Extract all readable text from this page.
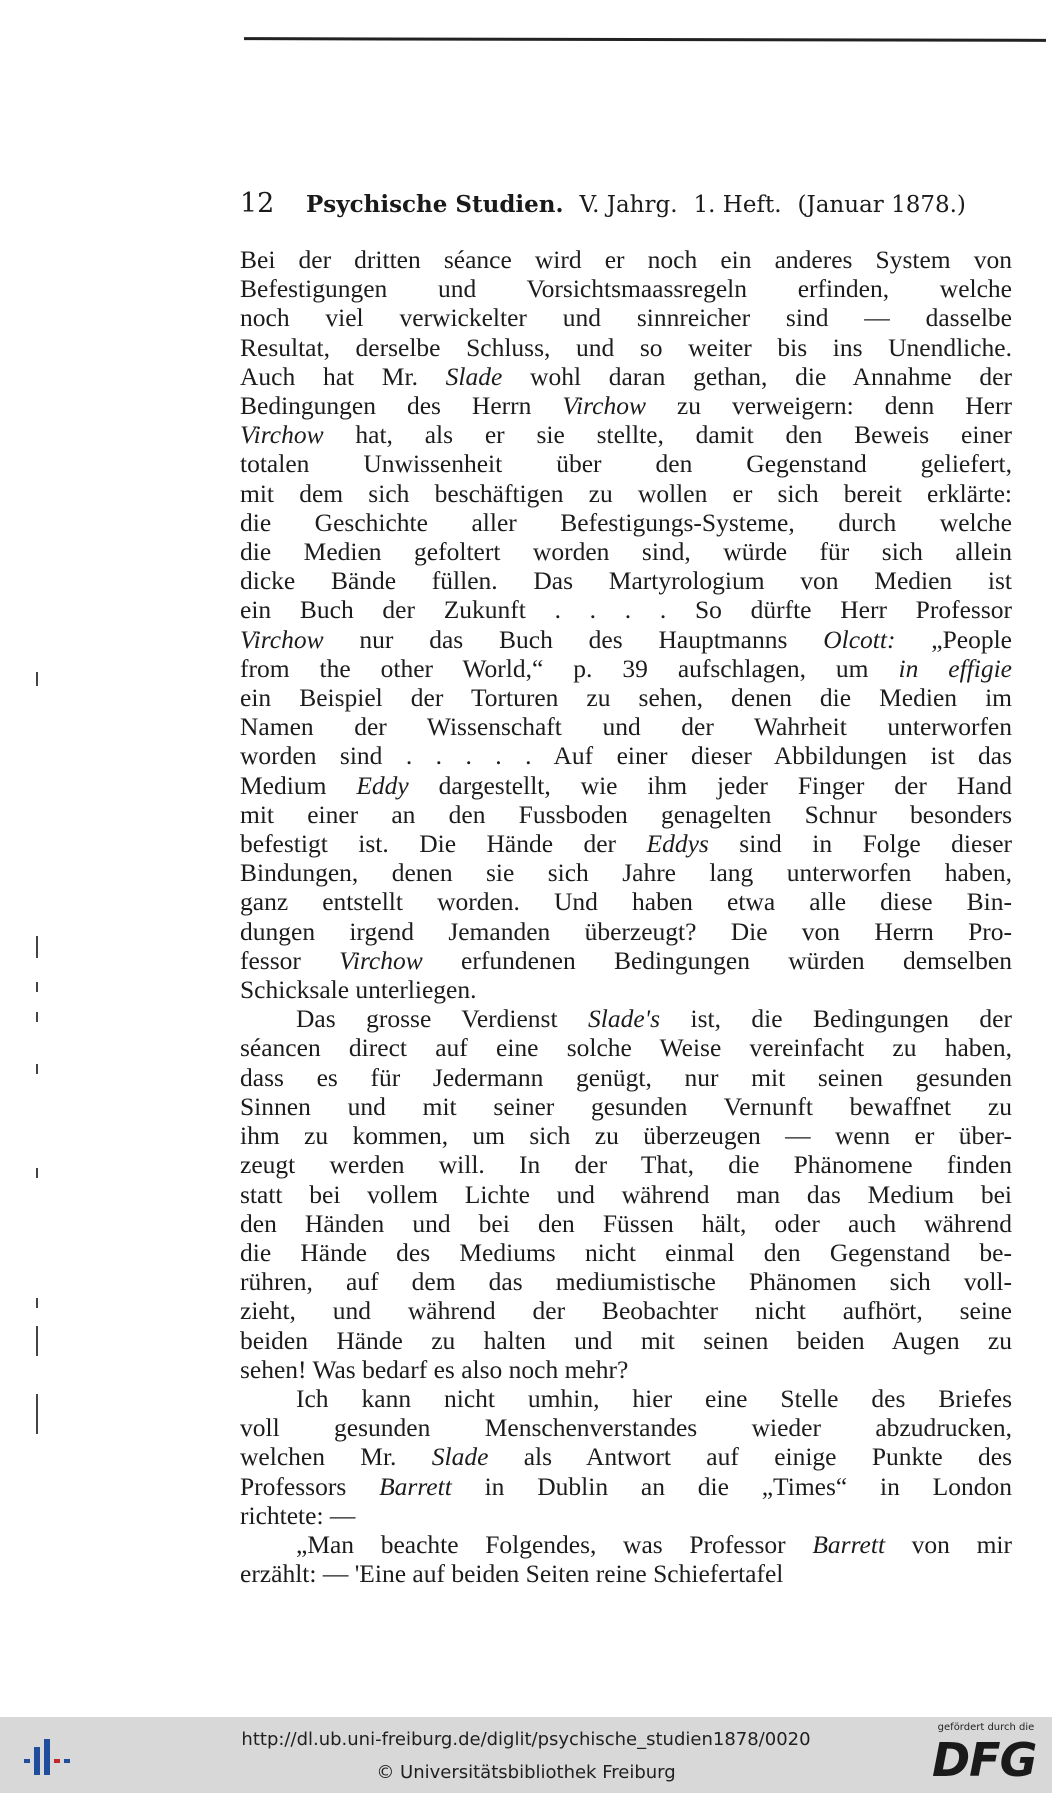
12	Psychische Studien. V. Jahrg. 1. Heft. (Januar 1878.)
Bei der dritten séance wird er noch ein anderes System von
Befestigungen und Vorsichtsmaassregeln erfinden, welche
noch viel verwickelter und sinnreicher sind — dasselbe
Resultat, derselbe Schluss, und so weiter bis ins Unendliche.
Auch hat Mr. Slade wohl daran gethan, die Annahme der
Bedingungen des Herrn Virchow zu verweigern: denn Herr
Virchow hat, als er sie stellte, damit den Beweis einer
totalen Unwissenheit über den Gegenstand geliefert,
mit dem sich beschäftigen zu wollen er sich bereit erklärte:
die Geschichte aller Befestigungs-Systeme, durch welche
die Medien gefoltert worden sind, würde für sich allein
dicke Bände füllen. Das Martyrologium von Medien ist
ein Buch der Zukunft . . . . So dürfte Herr Professor
Virchow nur das Buch des Hauptmanns Olcott: „People
from the other World,“ p. 39 aufschlagen, um in effigie
ein Beispiel der Torturen zu sehen, denen die Medien im
Namen der Wissenschaft und der Wahrheit unterworfen
worden sind . . . . . Auf einer dieser Abbildungen ist das
Medium Eddy dargestellt, wie ihm jeder Finger der Hand
mit einer an den Fussboden genagelten Schnur besonders
befestigt ist. Die Hände der Eddys sind in Folge dieser
Bindungen, denen sie sich Jahre lang unterworfen haben,
ganz entstellt worden. Und haben etwa alle diese Bin-
dungen irgend Jemanden überzeugt? Die von Herrn Pro-
fessor Virchow erfundenen Bedingungen würden demselben
Schicksale unterliegen.
Das grosse Verdienst Slade's ist, die Bedingungen der
séancen direct auf eine solche Weise vereinfacht zu haben,
dass es für Jedermann genügt, nur mit seinen gesunden
Sinnen und mit seiner gesunden Vernunft bewaffnet zu
ihm zu kommen, um sich zu überzeugen — wenn er über-
zeugt werden will. In der That, die Phänomene finden
statt bei vollem Lichte und während man das Medium bei
den Händen und bei den Füssen hält, oder auch während
die Hände des Mediums nicht einmal den Gegenstand be-
rühren, auf dem das mediumistische Phänomen sich voll-
zieht, und während der Beobachter nicht aufhört, seine
beiden Hände zu halten und mit seinen beiden Augen zu
sehen! Was bedarf es also noch mehr?
Ich kann nicht umhin, hier eine Stelle des Briefes
voll gesunden Menschenverstandes wieder abzudrucken,
welchen Mr. Slade als Antwort auf einige Punkte des
Professors Barrett in Dublin an die „Times“ in London
richtete: —
„Man beachte Folgendes, was Professor Barrett von mir
erzählt: — 'Eine auf beiden Seiten reine Schiefertafel
http://dl.ub.uni-freiburg.de/diglit/psychische_studien1878/0020
© Universitätsbibliothek Freiburg
gefördert durch die
DFG
